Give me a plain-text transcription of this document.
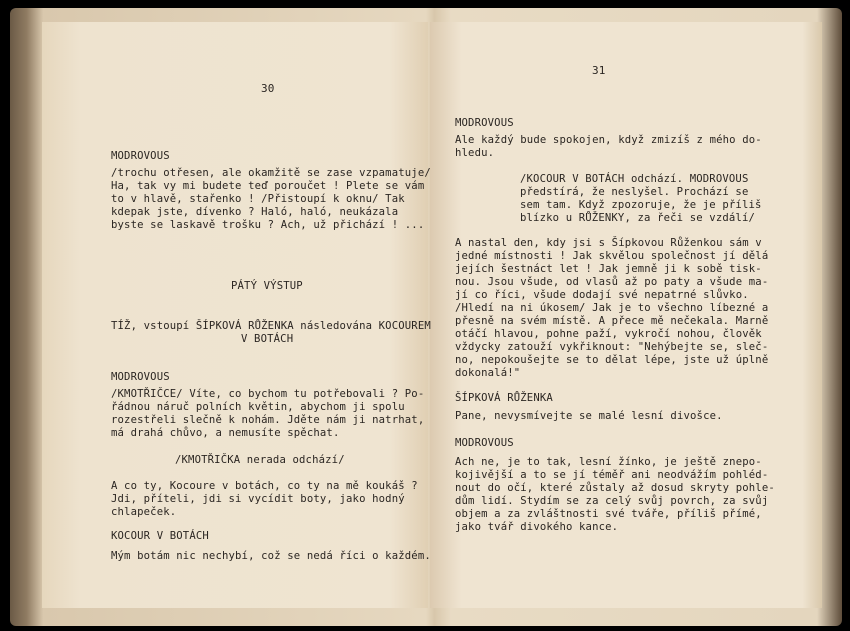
30
MODROVOUS
/trochu otřesen, ale okamžitě se zase vzpamatuje/
Ha, tak vy mi budete teď poroučet ! Plete se vám
to v hlavě, stařenko ! /Přistoupí k oknu/ Tak
kdepak jste, dívenko ? Haló, haló, neukázala
byste se laskavě trošku ? Ach, už přichází ! ...
PÁTÝ VÝSTUP
TÍŽ, vstoupí ŠÍPKOVÁ RŮŽENKA následována KOCOUREM
V BOTÁCH
MODROVOUS
/KMOTŘIČCE/ Víte, co bychom tu potřebovali ? Po-
řádnou náruč polních květin, abychom ji spolu
rozestřeli slečně k nohám. Jděte nám ji natrhat,
má drahá chůvo, a nemusíte spěchat.
/KMOTŘIČKA nerada odchází/
A co ty, Kocoure v botách, co ty na mě koukáš ?
Jdi, příteli, jdi si vycídit boty, jako hodný
chlapeček.
KOCOUR V BOTÁCH
Mým botám nic nechybí, což se nedá říci o každém.
31
MODROVOUS
Ale každý bude spokojen, když zmizíš z mého do-
hledu.
/KOCOUR V BOTÁCH odchází. MODROVOUS
předstírá, že neslyšel. Prochází se
sem tam. Když zpozoruje, že je příliš
blízko u RŮŽENKY, za řeči se vzdálí/
A nastal den, kdy jsi s Šípkovou Růženkou sám v
jedné místnosti ! Jak skvělou společnost jí dělá
jejích šestnáct let ! Jak jemně ji k sobě tisk-
nou. Jsou všude, od vlasů až po paty a všude ma-
jí co říci, všude dodají své nepatrné slůvko.
/Hledí na ni úkosem/ Jak je to všechno líbezné a
přesně na svém místě. A přece mě nečekala. Marně
otáčí hlavou, pohne paží, vykročí nohou, člověk
vždycky zatouží vykřiknout: "Nehýbejte se, sleč-
no, nepokoušejte se to dělat lépe, jste už úplně
dokonalá!"
ŠÍPKOVÁ RŮŽENKA
Pane, nevysmívejte se malé lesní divošce.
MODROVOUS
Ach ne, je to tak, lesní žínko, je ještě znepo-
kojivější a to se jí téměř ani neodvážím pohléd-
nout do očí, které zůstaly až dosud skryty pohle-
dům lidí. Stydím se za celý svůj povrch, za svůj
objem a za zvláštnosti své tváře, příliš přímé,
jako tvář divokého kance.
